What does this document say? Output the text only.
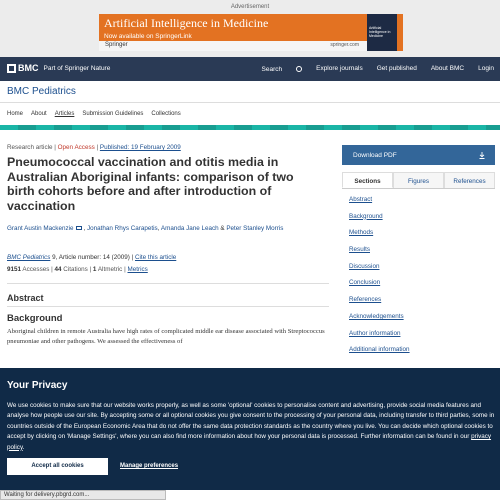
Advertisement
Artificial Intelligence in Medicine
Now available on SpringerLink
Springer	springer.com
Artificial Intelligence in Medicine
BMC Part of Springer Nature	Search	Explore journals Get published About BMC Login
BMC Pediatrics
Home About Articles Submission Guidelines Collections
Research article | Open Access | Published: 19 February 2009
Pneumococcal vaccination and otitis media in Australian Aboriginal infants: comparison of two birth cohorts before and after introduction of vaccination
Grant Austin Mackenzie , Jonathan Rhys Carapetis, Amanda Jane Leach & Peter Stanley Morris
BMC Pediatrics 9, Article number: 14 (2009) | Cite this article
9151 Accesses | 44 Citations | 1 Altmetric | Metrics
Abstract
Background

Aboriginal children in remote Australia have high rates of complicated middle ear disease associated with Streptococcus pneumoniae and other pathogens. We assessed the effectiveness of

Download PDF
Sections	Figures	References
Abstract
Background
Methods
Results
Discussion
Conclusion
References
Acknowledgements
Author information
Additional information
Your Privacy

We use cookies to make sure that our website works properly, as well as some 'optional' cookies to personalise content and advertising, provide social media features and analyse how people use our site. By accepting some or all optional cookies you give consent to the processing of your personal data, including transfer to third parties, some in countries outside of the European Economic Area that do not offer the same data protection standards as the country where you live. You can decide which optional cookies to accept by clicking on 'Manage Settings', where you can also find more information about how your personal data is processed. Further information can be found in our privacy policy.

Accept all cookies	Manage preferences
Waiting for delivery.pbgrd.com...
